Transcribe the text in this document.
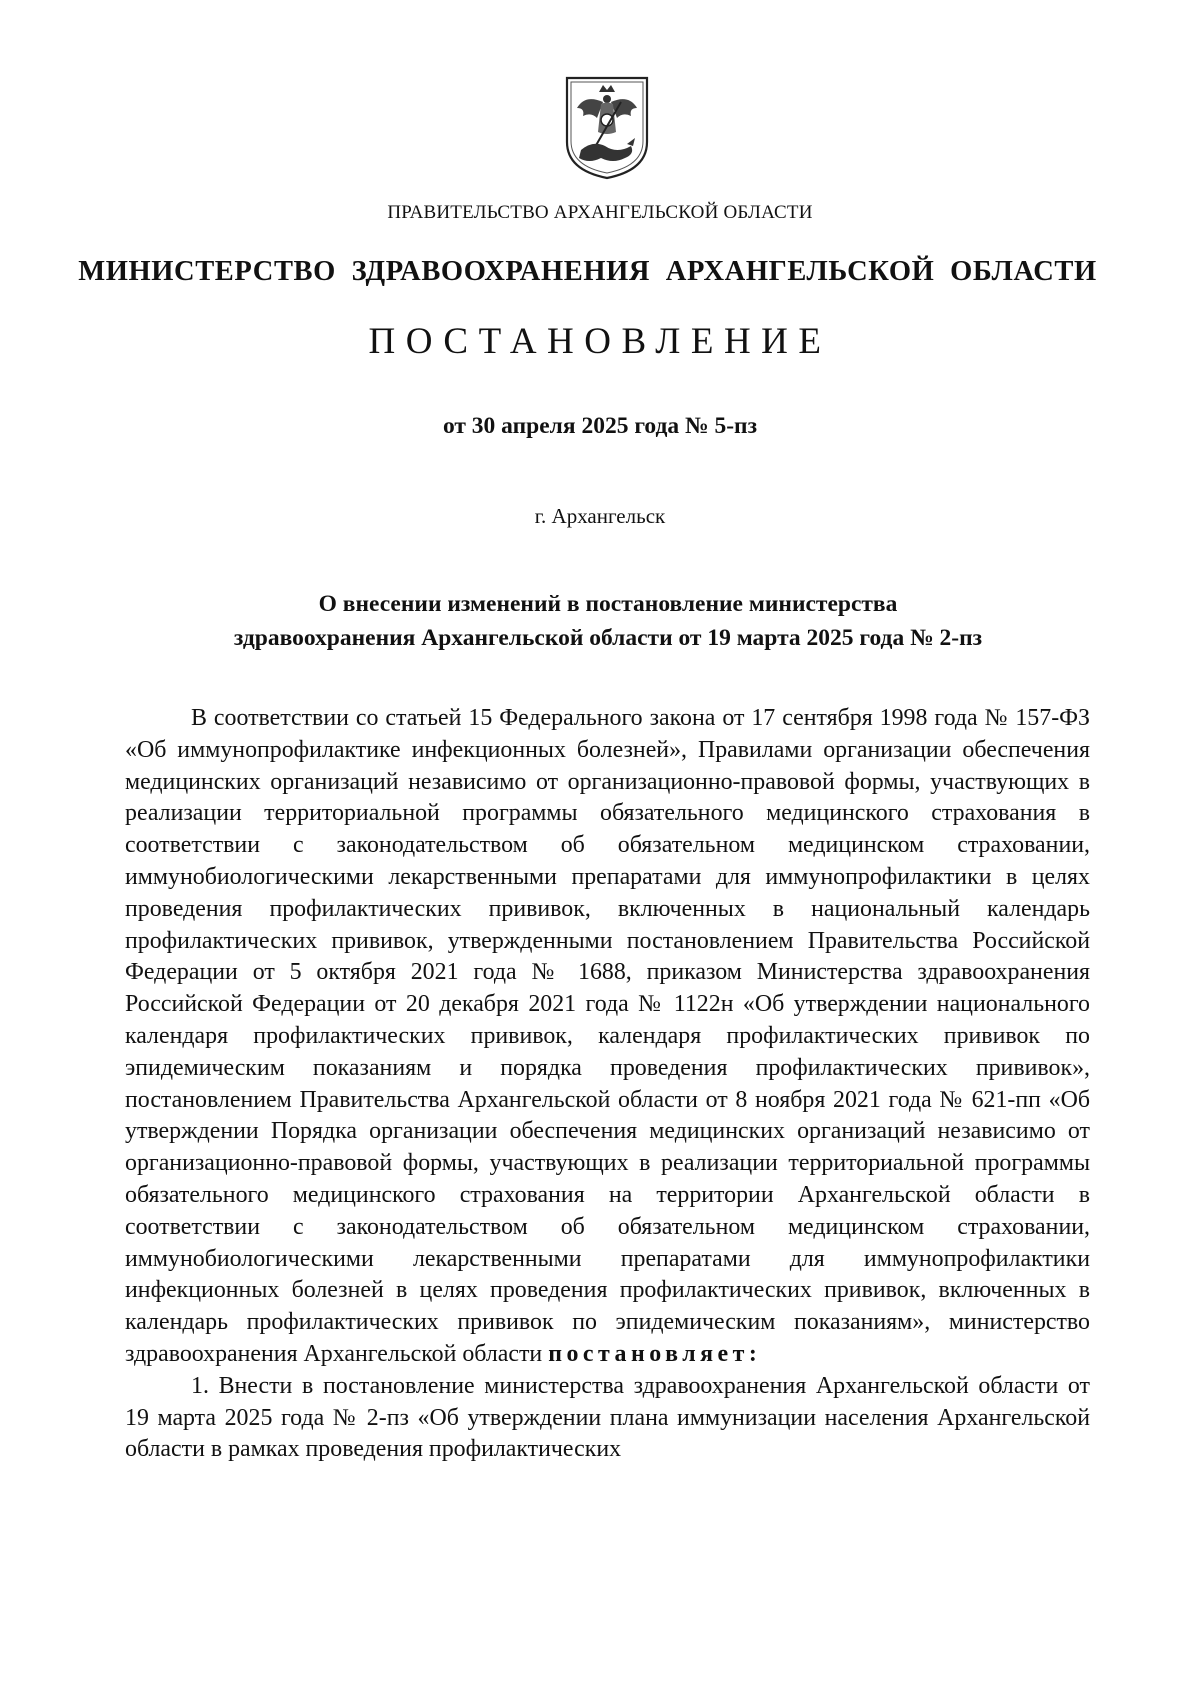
ПРАВИТЕЛЬСТВО АРХАНГЕЛЬСКОЙ ОБЛАСТИ
МИНИСТЕРСТВО ЗДРАВООХРАНЕНИЯ АРХАНГЕЛЬСКОЙ ОБЛАСТИ
ПОСТАНОВЛЕНИЕ
от 30 апреля 2025 года № 5-пз
г. Архангельск
О внесении изменений в постановление министерства
здравоохранения Архангельской области от 19 марта 2025 года № 2-пз

В соответствии со статьей 15 Федерального закона от 17 сентября 1998 года № 157-ФЗ «Об иммунопрофилактике инфекционных болезней», Правилами организации обеспечения медицинских организаций независимо от организационно-правовой формы, участвующих в реализации территориальной программы обязательного медицинского страхования в соответствии с законодательством об обязательном медицинском страховании, иммунобиологическими лекарственными препаратами для иммунопрофилактики в целях проведения профилактических прививок, включенных в национальный календарь профилактических прививок, утвержденными постановлением Правительства Российской Федерации от 5 октября 2021 года № 1688, приказом Министерства здравоохранения Российской Федерации от 20 декабря 2021 года № 1122н «Об утверждении национального календаря профилактических прививок, календаря профилактических прививок по эпидемическим показаниям и порядка проведения профилактических прививок», постановлением Правительства Архангельской области от 8 ноября 2021 года № 621-пп «Об утверждении Порядка организации обеспечения медицинских организаций независимо от организационно-правовой формы, участвующих в реализации территориальной программы обязательного медицинского страхования на территории Архангельской области в соответствии с законодательством об обязательном медицинском страховании, иммунобиологическими лекарственными препаратами для иммунопрофилактики инфекционных болезней в целях проведения профилактических прививок, включенных в календарь профилактических прививок по эпидемическим показаниям», министерство здравоохранения Архангельской области постановляет:

1. Внести в постановление министерства здравоохранения Архангельской области от 19 марта 2025 года № 2-пз «Об утверждении плана иммунизации населения Архангельской области в рамках проведения профилактических
